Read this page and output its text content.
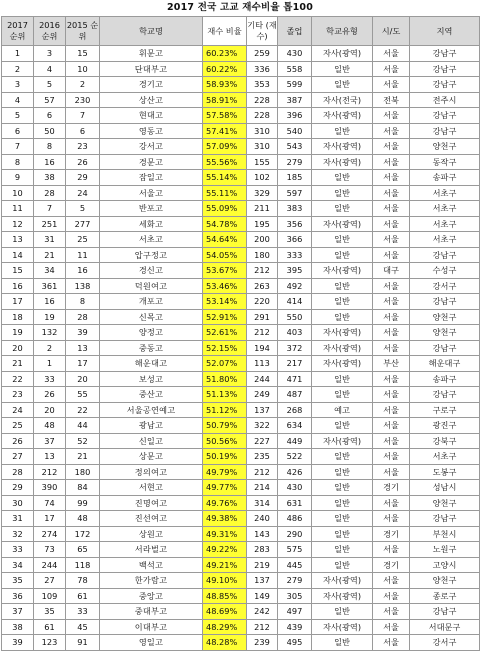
2017 전국 고교 재수비율 톱100
2017 순위	2016 순위	2015 순위	학교명	재수 비율	기타 (재수)	졸업	학교유형	시/도	지역
1	3	15	휘문고	60.23%	259	430	자사(광역)	서울	강남구
2	4	10	단대부고	60.22%	336	558	일반	서울	강남구
3	5	2	경기고	58.93%	353	599	일반	서울	강남구
4	57	230	상산고	58.91%	228	387	자사(전국)	전북	전주시
5	6	7	현대고	57.58%	228	396	자사(광역)	서울	강남구
6	50	6	영동고	57.41%	310	540	일반	서울	강남구
7	8	23	강서고	57.09%	310	543	자사(광역)	서울	양천구
8	16	26	경문고	55.56%	155	279	자사(광역)	서울	동작구
9	38	29	잠일고	55.14%	102	185	일반	서울	송파구
10	28	24	서울고	55.11%	329	597	일반	서울	서초구
11	7	5	반포고	55.09%	211	383	일반	서울	서초구
12	251	277	세화고	54.78%	195	356	자사(광역)	서울	서초구
13	31	25	서초고	54.64%	200	366	일반	서울	서초구
14	21	11	압구정고	54.05%	180	333	일반	서울	강남구
15	34	16	경신고	53.67%	212	395	자사(광역)	대구	수성구
16	361	138	덕원여고	53.46%	263	492	일반	서울	강서구
17	16	8	개포고	53.14%	220	414	일반	서울	강남구
18	19	28	신목고	52.91%	291	550	일반	서울	양천구
19	132	39	양정고	52.61%	212	403	자사(광역)	서울	양천구
20	2	13	중동고	52.15%	194	372	자사(광역)	서울	강남구
21	1	17	해운대고	52.07%	113	217	자사(광역)	부산	해운대구
22	33	20	보성고	51.80%	244	471	일반	서울	송파구
23	26	55	중산고	51.13%	249	487	일반	서울	강남구
24	20	22	서울공연예고	51.12%	137	268	예고	서울	구로구
25	48	44	광남고	50.79%	322	634	일반	서울	광진구
26	37	52	신일고	50.56%	227	449	자사(광역)	서울	강북구
27	13	21	상문고	50.19%	235	522	일반	서울	서초구
28	212	180	정의여고	49.79%	212	426	일반	서울	도봉구
29	390	84	서현고	49.77%	214	430	일반	경기	성남시
30	74	99	진명여고	49.76%	314	631	일반	서울	양천구
31	17	48	진선여고	49.38%	240	486	일반	서울	강남구
32	274	172	상원고	49.31%	143	290	일반	경기	부천시
33	73	65	서라벌고	49.22%	283	575	일반	서울	노원구
34	244	118	백석고	49.21%	219	445	일반	경기	고양시
35	27	78	한가람고	49.10%	137	279	자사(광역)	서울	양천구
36	109	61	중앙고	48.85%	149	305	자사(광역)	서울	종로구
37	35	33	중대부고	48.69%	242	497	일반	서울	강남구
38	61	45	이대부고	48.29%	212	439	자사(광역)	서울	서대문구
39	123	91	영일고	48.28%	239	495	일반	서울	강서구
